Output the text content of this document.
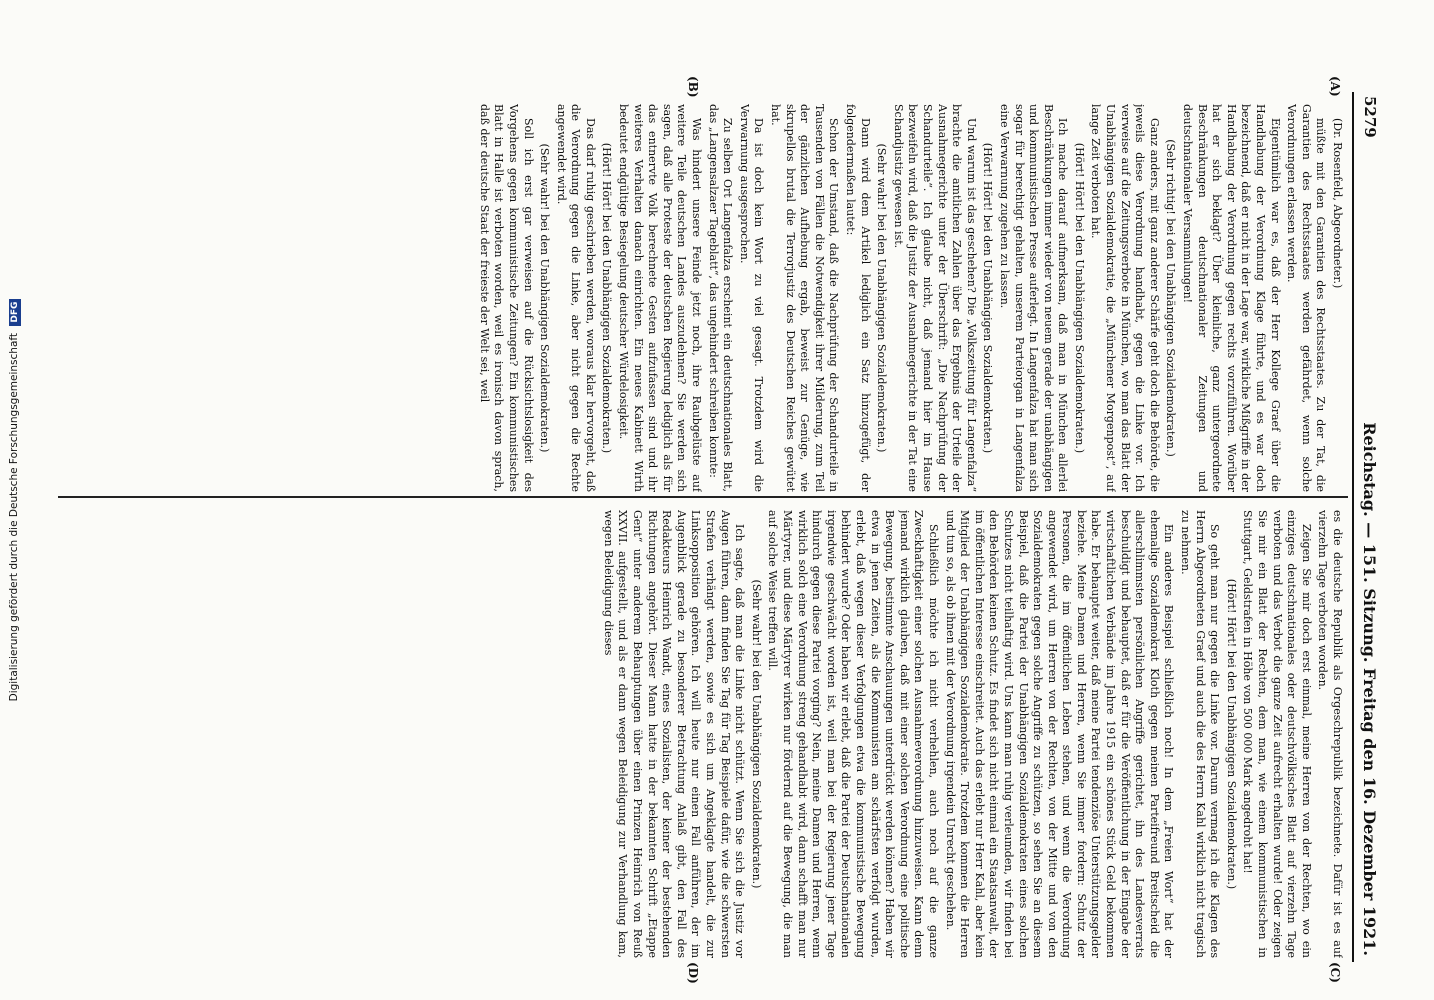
5279
Reichstag. — 151. Sitzung. Freitag den 16. Dezember 1921.
(A)
(B)
(C)
(D)

(Dr. Rosenfeld, Abgeordneter.)

müßte mit den Garantien des Rechtsstaates. Zu der Tat, die Garantien des Rechtsstaates werden gefährdet, wenn solche Verordnungen erlassen werden.

Eigentümlich war es, daß der Herr Kollege Graef über die Handhabung der Verordnung Klage führte, und es war doch bezeichnend, daß er nicht in der Lage war, wirkliche Mißgriffe in der Handhabung der Verordnung gegen rechts vorzuführen. Worüber hat er sich beklagt? Über kleinliche, ganz untergeordnete Beschränkungen deutschnationaler Zeitungen und deutschnationaler Versammlungen!

(Sehr richtig! bei den Unabhängigen Sozialdemokraten.)

Ganz anders, mit ganz anderer Schärfe geht doch die Behörde, die jeweils diese Verordnung handhabt, gegen die Linke vor. Ich verweise auf die Zeitungsverbote in München, wo man das Blatt der Unabhängigen Sozialdemokratie, die „Münchener Morgenpost“, auf lange Zeit verboten hat.

(Hört! Hört! bei den Unabhängigen Sozialdemokraten.)

Ich mache darauf aufmerksam, daß man in München allerlei Beschränkungen immer wieder von neuem gerade der unabhängigen und kommunistischen Presse auferlegt. In Langenfalza hat man sich sogar für berechtigt gehalten, unserem Parteiorgan in Langenfalza eine Verwarnung zugehen zu lassen.

(Hört! Hört! bei den Unabhängigen Sozialdemokraten.)

Und warum ist das geschehen? Die „Volkszeitung für Langenfalza“ brachte die amtlichen Zahlen über das Ergebnis der Urteile der Ausnahmegerichte unter der Überschrift: „Die Nachprüfung der Schandurteile“. Ich glaube nicht, daß jemand hier im Hause bezweifeln wird, daß die Justiz der Ausnahmegerichte in der Tat eine Schandjustiz gewesen ist.

(Sehr wahr! bei den Unabhängigen Sozialdemokraten.)

Dann wird dem Artikel lediglich ein Satz hinzugefügt, der folgendermaßen lautet:

Schon der Umstand, daß die Nachprüfung der Schandurteile in Tausenden von Fällen die Notwendigkeit ihrer Milderung, zum Teil der gänzlichen Aufhebung ergab, beweist zur Genüge, wie skrupellos brutal die Terrorjustiz des Deutschen Reiches gewütet hat.

Da ist doch kein Wort zu viel gesagt. Trotzdem wird die Verwarnung ausgesprochen.

Zu selben Ort Langenfalza erscheint ein deutschnationales Blatt, das „Langensalzaer Tageblatt“, das ungehindert schreiben konnte:

Was hindert unsere Feinde jetzt noch, ihre Raubgelüste auf weitere Teile deutschen Landes auszudehnen? Sie werden sich sagen, daß alle Proteste der deutschen Regierung lediglich als für das entnervte Volk berechnete Gesten aufzufassen sind und ihr weiteres Verhalten danach einrichten. Ein neues Kabinett Wirth bedeutet endgültige Besiegelung deutscher Würdelosigkeit.

(Hört! Hört! bei den Unabhängigen Sozialdemokraten.)

Das darf ruhig geschrieben werden, woraus klar hervorgeht, daß die Verordnung gegen die Linke, aber nicht gegen die Rechte angewendet wird.

(Sehr wahr! bei den Unabhängigen Sozialdemokraten.)

Soll ich erst gar verweisen auf die Rücksichtslosigkeit des Vorgehens gegen kommunistische Zeitungen? Ein kommunistisches Blatt in Halle ist verboten worden, weil es ironisch davon sprach, daß der deutsche Staat der freieste der Welt sei, weil

es die deutsche Republik als Orgeschrepublik bezeichnete. Dafür ist es auf vierzehn Tage verboten worden.

Zeigen Sie mir doch erst einmal, meine Herren von der Rechten, wo ein einziges deutschnationales oder deutschvölkisches Blatt auf vierzehn Tage verboten und das Verbot die ganze Zeit aufrecht erhalten wurde! Oder zeigen Sie mir ein Blatt der Rechten, dem man, wie einem kommunistischen in Stuttgart, Geldstrafen in Höhe von 500 000 Mark angedroht hat!

(Hört! Hört! bei den Unabhängigen Sozialdemokraten.)

So geht man nur gegen die Linke vor. Darum vermag ich die Klagen des Herrn Abgeordneten Graef und auch die des Herrn Kahl wirklich nicht tragisch zu nehmen.

Ein anderes Beispiel schließlich noch! In dem „Freien Wort“ hat der ehemalige Sozialdemokrat Kloth gegen meinen Parteifreund Breitscheid die allerschlimmsten persönlichen Angriffe gerichtet, ihn des Landesverrats beschuldigt und behauptet, daß er für die Veröffentlichung in der Eingabe der wirtschaftlichen Verbände im Jahre 1915 ein schönes Stück Geld bekommen habe. Er behauptet weiter, daß meine Partei tendenziöse Unterstützungsgelder beziehe. Meine Damen und Herren, wenn Sie immer fordern: Schutz der Personen, die im öffentlichen Leben stehen, und wenn die Verordnung angewendet wird, um Herren von der Rechten, von der Mitte und von den Sozialdemokraten gegen solche Angriffe zu schützen, so sehen Sie an diesem Beispiel, daß die Partei der Unabhängigen Sozialdemokraten eines solchen Schutzes nicht teilhaftig wird. Uns kann man ruhig verleumden, wir finden bei den Behörden keinen Schutz. Es findet sich nicht einmal ein Staatsanwalt, der im öffentlichen Interesse einschreitet. Auch das erlebt nur Herr Kahl, aber kein Mitglied der Unabhängigen Sozialdemokratie. Trotzdem kommen die Herren und tun so, als ob ihnen mit der Verordnung irgendein Unrecht geschehen.

Schließlich möchte ich nicht verhehlen, auch noch auf die ganze Zweckhaftigkeit einer solchen Ausnahmeverordnung hinzuweisen. Kann denn jemand wirklich glauben, daß mit einer solchen Verordnung eine politische Bewegung, bestimmte Anschauungen unterdrückt werden können? Haben wir etwa in jenen Zeiten, als die Kommunisten am schärfsten verfolgt wurden, erlebt, daß wegen dieser Verfolgungen etwa die kommunistische Bewegung behindert wurde? Oder haben wir erlebt, daß die Partei der Deutschnationalen irgendwie geschwächt worden ist, weil man bei der Regierung jener Tage hindurch gegen diese Partei vorging? Nein, meine Damen und Herren, wenn wirklich solch eine Verordnung streng gehandhabt wird, dann schafft man nur Märtyrer, und diese Märtyrer wirken nur fördernd auf die Bewegung, die man auf solche Weise treffen will.

(Sehr wahr! bei den Unabhängigen Sozialdemokraten.)

Ich sagte, daß man die Linke nicht schützt. Wenn Sie sich die Justiz vor Augen führen, dann finden Sie Tag für Tag Beispiele dafür, wie die schwersten Strafen verhängt werden, sowie es sich um Angeklagte handelt, die zur Linksopposition gehören. Ich will heute nur einen Fall anführen, der im Augenblick gerade zu besonderer Betrachtung Anlaß gibt, den Fall des Redakteurs Heinrich Wandt, eines Sozialisten, der keiner der bestehenden Richtungen angehört. Dieser Mann hatte in der bekannten Schrift „Etappe Gent“ unter anderem Behauptungen über einen Prinzen Heinrich von Reuß XXVII. aufgestellt, und als er dann wegen Beleidigung zur Verhandlung kam, wegen Beleidigung dieses

Digitalisierung gefördert durch die Deutsche Forschungsgemeinschaft DFG
